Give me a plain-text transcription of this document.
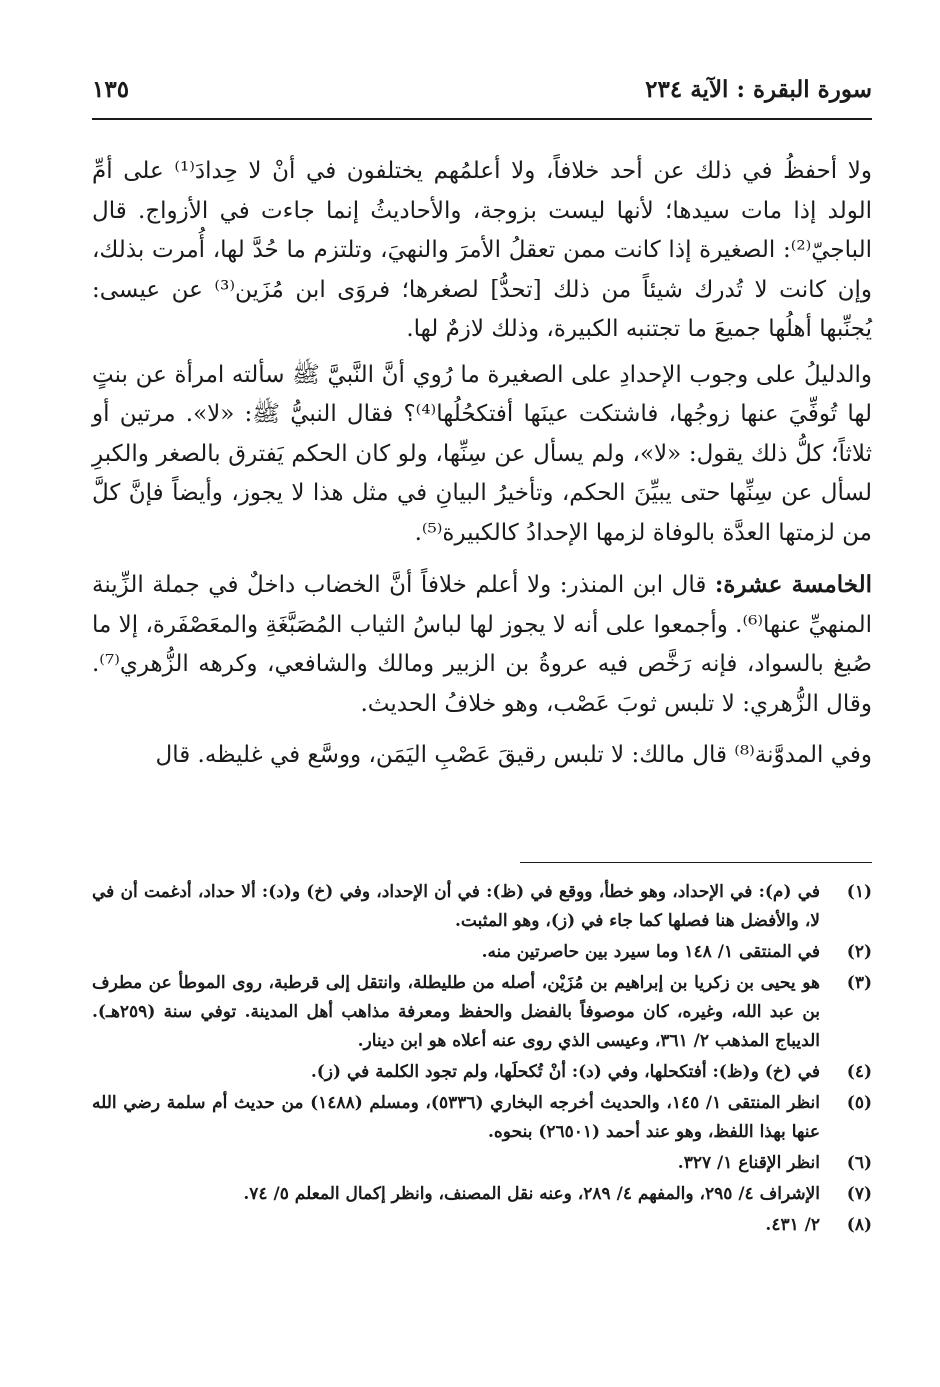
سورة البقرة : الآية ٢٣٤
١٣٥

ولا أحفظُ في ذلك عن أحد خلافاً، ولا أعلمُهم يختلفون في أنْ لا حِدادَ⁽¹⁾ على أمِّ الولد إذا مات سيدها؛ لأنها ليست بزوجة، والأحاديثُ إنما جاءت في الأزواج. قال الباجيّ⁽²⁾: الصغيرة إذا كانت ممن تعقلُ الأمرَ والنهيَ، وتلتزم ما حُدَّ لها، أُمرت بذلك، وإن كانت لا تُدرك شيئاً من ذلك [تحدُّ] لصغرها؛ فروَى ابن مُزَين⁽³⁾ عن عيسى: يُجنِّبها أهلُها جميعَ ما تجتنبه الكبيرة، وذلك لازمٌ لها.

والدليلُ على وجوب الإحدادِ على الصغيرة ما رُوي أنَّ النَّبيَّ ﷺ سألته امرأة عن بنتٍ لها تُوفِّيَ عنها زوجُها، فاشتكت عينَها أفتكحُلُها⁽⁴⁾؟ فقال النبيُّ ﷺ: «لا». مرتين أو ثلاثاً؛ كلُّ ذلك يقول: «لا»، ولم يسأل عن سِنِّها، ولو كان الحكم يَفترق بالصغر والكبرِ لسأل عن سِنِّها حتى يبيِّنَ الحكم، وتأخيرُ البيانِ في مثل هذا لا يجوز، وأيضاً فإنَّ كلَّ من لزمتها العدَّة بالوفاة لزمها الإحدادُ كالكبيرة⁽⁵⁾.

الخامسة عشرة: قال ابن المنذر: ولا أعلم خلافاً أنَّ الخضاب داخلٌ في جملة الزِّينة المنهيِّ عنها⁽⁶⁾. وأجمعوا على أنه لا يجوز لها لباسُ الثياب المُصَبَّغَةِ والمعَصْفَرة، إلا ما صُبغ بالسواد، فإنه رَخَّص فيه عروةُ بن الزبير ومالك والشافعي، وكرهه الزُّهري⁽⁷⁾. وقال الزُّهري: لا تلبس ثوبَ عَصْب، وهو خلافُ الحديث.

وفي المدوَّنة⁽⁸⁾ قال مالك: لا تلبس رقيقَ عَصْبِ اليَمَن، ووسَّع في غليظه. قال

(١)
في (م): في الإحداد، وهو خطأ، ووقع في (ظ): في أن الإحداد، وفي (خ) و(د): ألا حداد، أدغمت أن في لا، والأفضل هنا فصلها كما جاء في (ز)، وهو المثبت.
(٢)
في المنتقى ١/ ١٤٨ وما سيرد بين حاصرتين منه.
(٣)
هو يحيى بن زكريا بن إبراهيم بن مُزَيْن، أصله من طليطلة، وانتقل إلى قرطبة، روى الموطأ عن مطرف بن عبد الله، وغيره، كان موصوفاً بالفضل والحفظ ومعرفة مذاهب أهل المدينة. توفي سنة (٢٥٩هـ). الديباج المذهب ٢/ ٣٦١، وعيسى الذي روى عنه أعلاه هو ابن دينار.
(٤)
في (خ) و(ظ): أفتكحلها، وفي (د): أنْ تُكحلَها، ولم تجود الكلمة في (ز).
(٥)
انظر المنتقى ١/ ١٤٥، والحديث أخرجه البخاري (٥٣٣٦)، ومسلم (١٤٨٨) من حديث أم سلمة رضي الله عنها بهذا اللفظ، وهو عند أحمد (٢٦٥٠١) بنحوه.
(٦)
انظر الإقناع ١/ ٣٢٧.
(٧)
الإشراف ٤/ ٢٩٥، والمفهم ٤/ ٢٨٩، وعنه نقل المصنف، وانظر إكمال المعلم ٥/ ٧٤.
(٨)
٢/ ٤٣١.
